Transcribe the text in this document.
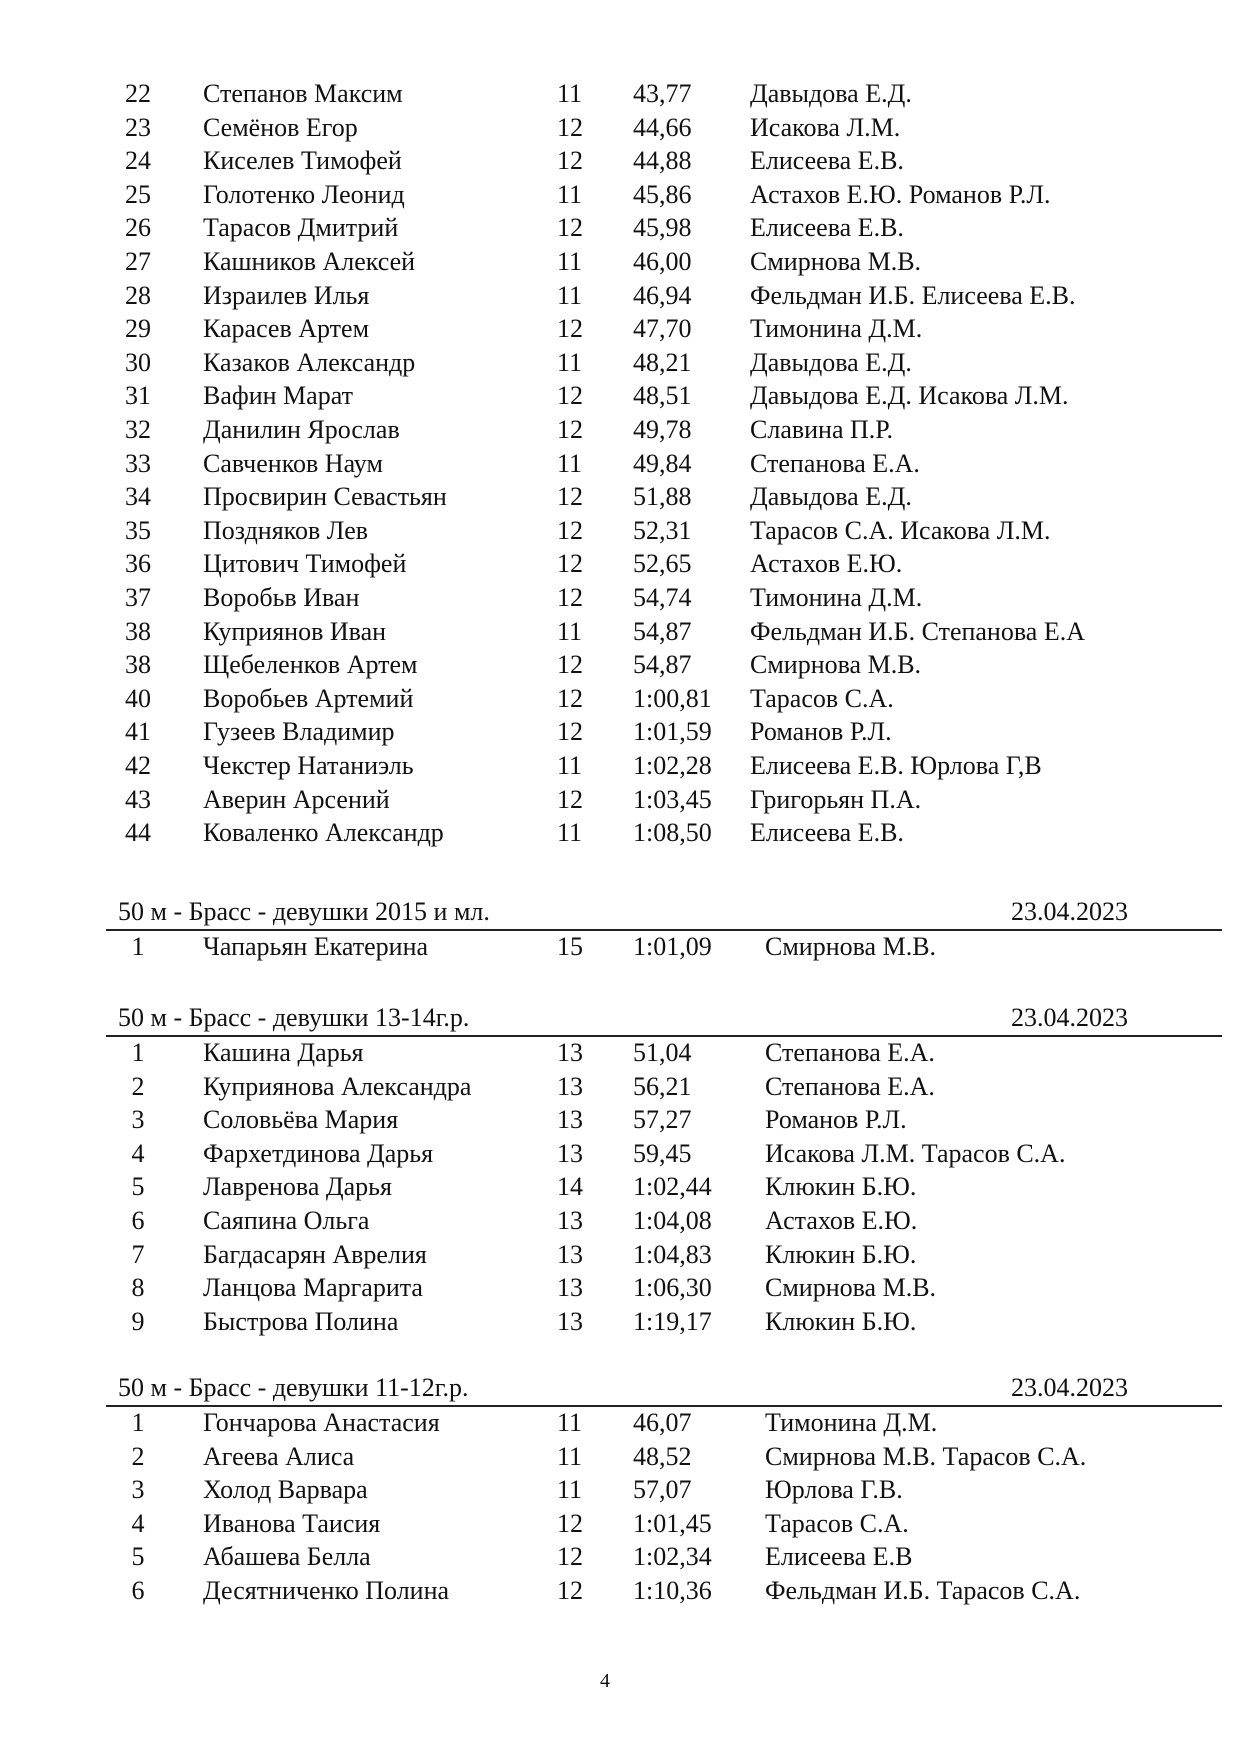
22	Степанов Максим	11 43,77 Давыдова Е.Д.
23	Семёнов Егор	12 44,66 Исакова Л.М.
24	Киселев Тимофей	12 44,88 Елисеева Е.В.
25	Голотенко Леонид	11 45,86 Астахов Е.Ю. Романов Р.Л.
26	Тарасов Дмитрий	12 45,98 Елисеева Е.В.
27	Кашников Алексей	11 46,00 Смирнова М.В.
28	Израилев Илья	11 46,94 Фельдман И.Б. Елисеева Е.В.
29	Карасев Артем	12 47,70 Тимонина Д.М.
30	Казаков Александр	11 48,21 Давыдова Е.Д.
31	Вафин Марат	12 48,51 Давыдова Е.Д. Исакова Л.М.
32	Данилин Ярослав	12 49,78 Славина П.Р.
33	Савченков Наум	11 49,84 Степанова Е.А.
34	Просвирин Севастьян	12 51,88 Давыдова Е.Д.
35	Поздняков Лев	12 52,31 Тарасов С.А. Исакова Л.М.
36	Цитович Тимофей	12 52,65 Астахов Е.Ю.
37	Воробьв Иван	12 54,74 Тимонина Д.М.
38	Куприянов Иван	11 54,87 Фельдман И.Б. Степанова Е.А
38	Щебеленков Артем	12 54,87 Смирнова М.В.
40	Воробьев Артемий	12 1:00,81 Тарасов С.А.
41	Гузеев Владимир	12 1:01,59 Романов Р.Л.
42	Чекстер Натаниэль	11 1:02,28 Елисеева Е.В. Юрлова Г,В
43	Аверин Арсений	12 1:03,45 Григорьян П.А.
44	Коваленко Александр	11 1:08,50 Елисеева Е.В.
50 м - Брасс - девушки 2015 и мл.	23.04.2023
1	Чапарьян Екатерина	15 1:01,09 Смирнова М.В.
50 м - Брасс - девушки 13-14г.р.	23.04.2023
1	Кашина Дарья	13 51,04	Степанова Е.А.
2	Куприянова Александра	13 56,21	Степанова Е.А.
3	Соловьёва Мария	13 57,27	Романов Р.Л.
4	Фархетдинова Дарья	13 59,45	Исакова Л.М. Тарасов С.А.
5	Лавренова Дарья	14 1:02,44 Клюкин Б.Ю.
6	Саяпина Ольга	13 1:04,08 Астахов Е.Ю.
7	Багдасарян Аврелия	13 1:04,83 Клюкин Б.Ю.
8	Ланцова Маргарита	13 1:06,30 Смирнова М.В.
9	Быстрова Полина	13 1:19,17 Клюкин Б.Ю.
50 м - Брасс - девушки 11-12г.р.	23.04.2023
1	Гончарова Анастасия	11 46,07	Тимонина Д.М.
2	Агеева Алиса	11 48,52	Смирнова М.В. Тарасов С.А.
3	Холод Варвара	11 57,07	Юрлова Г.В.
4	Иванова Таисия	12 1:01,45 Тарасов С.А.
5	Абашева Белла	12 1:02,34 Елисеева Е.В
6	Десятниченко Полина	12 1:10,36 Фельдман И.Б. Тарасов С.А.
4
